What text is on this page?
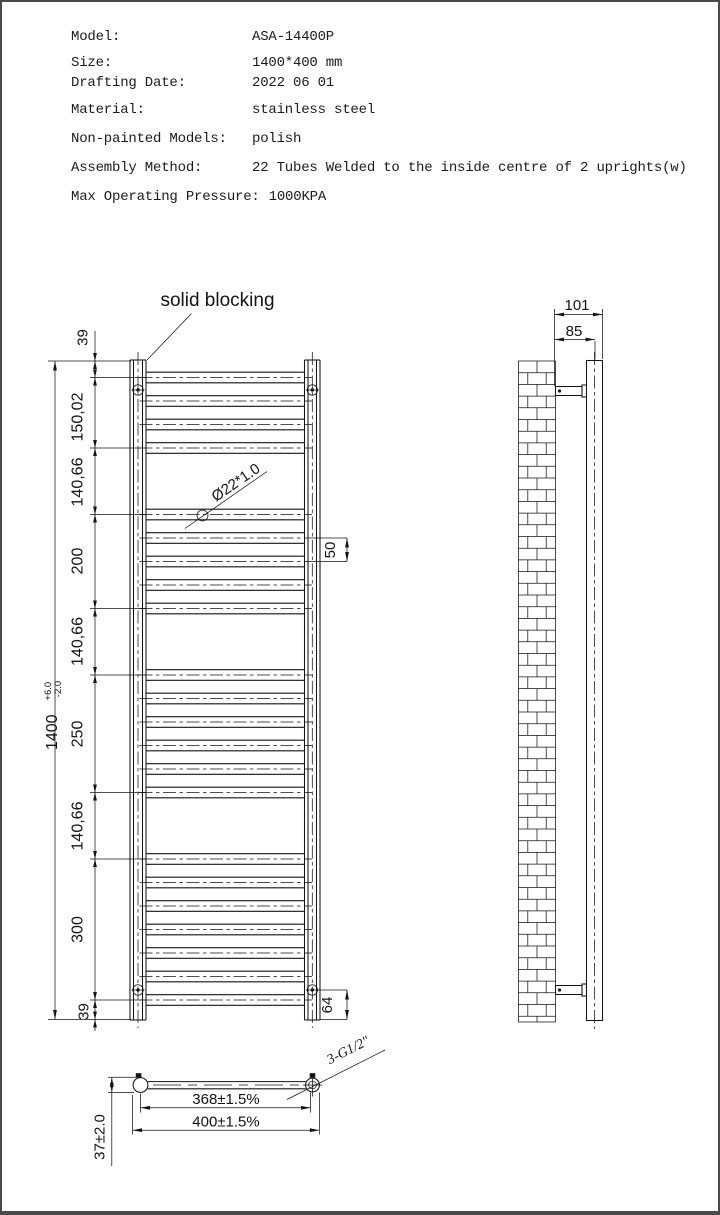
Model:	ASA-14400P
Size:	1400*400 mm
Drafting Date:	2022 06 01
Material:	stainless steel
Non-painted Models: polish
Assembly Method:	22 Tubes Welded to the inside centre of 2 uprights(w)
Max Operating Pressure: 1000KPA
1400 +6.0 -2.0
39
150,02
140,66
200
140,66
250
140,66
300
39
solid blocking
Ø22*1.0
50
64
101
85
37±2.0
368±1.5%
400±1.5%
3-G1/2″
